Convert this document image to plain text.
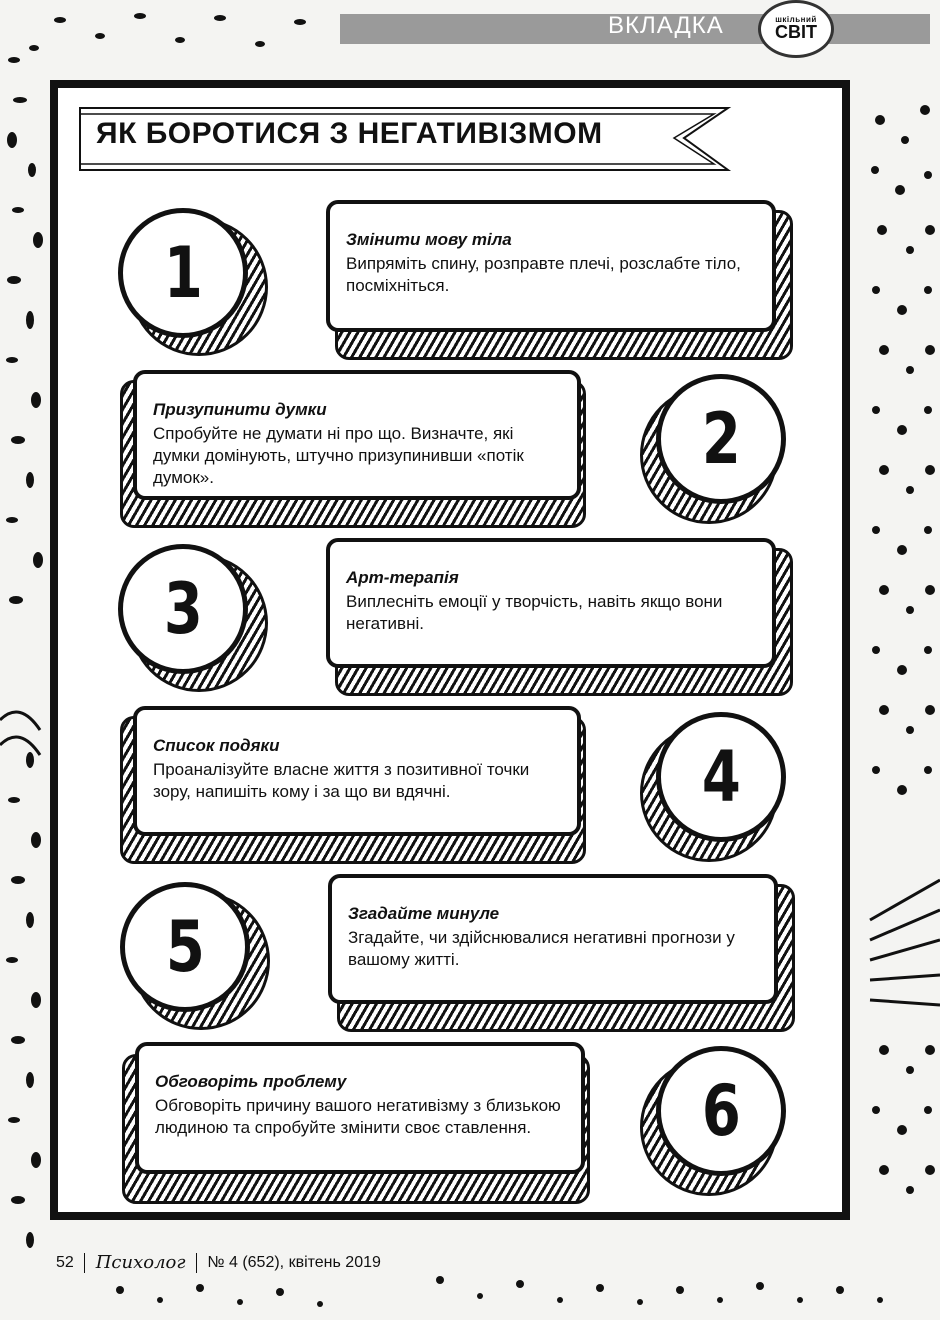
ВКЛАДКА	шкільний
СВІТ
ЯК БОРОТИСЯ З НЕГАТИВІЗМОМ
1	Змінити мову тіла
Випряміть спину, розправте плечі, розслабте тіло, посміхніться.
Призупинити думки
Спробуйте не думати ні про що. Визначте, які думки домінують, штучно призупинивши «потік думок».	2
3	Арт-терапія
Виплесніть емоції у творчість, навіть якщо вони негативні.
Список подяки
Проаналізуйте власне життя з позитивної точки зору, напишіть кому і за що ви вдячні.	4
5	Згадайте минуле
Згадайте, чи здійснювалися негативні прогнози у вашому житті.
Обговоріть проблему
Обговоріть причину вашого негативізму з близькою людиною та спробуйте змінити своє ставлення.	6
52 Психолог № 4 (652), квітень 2019
